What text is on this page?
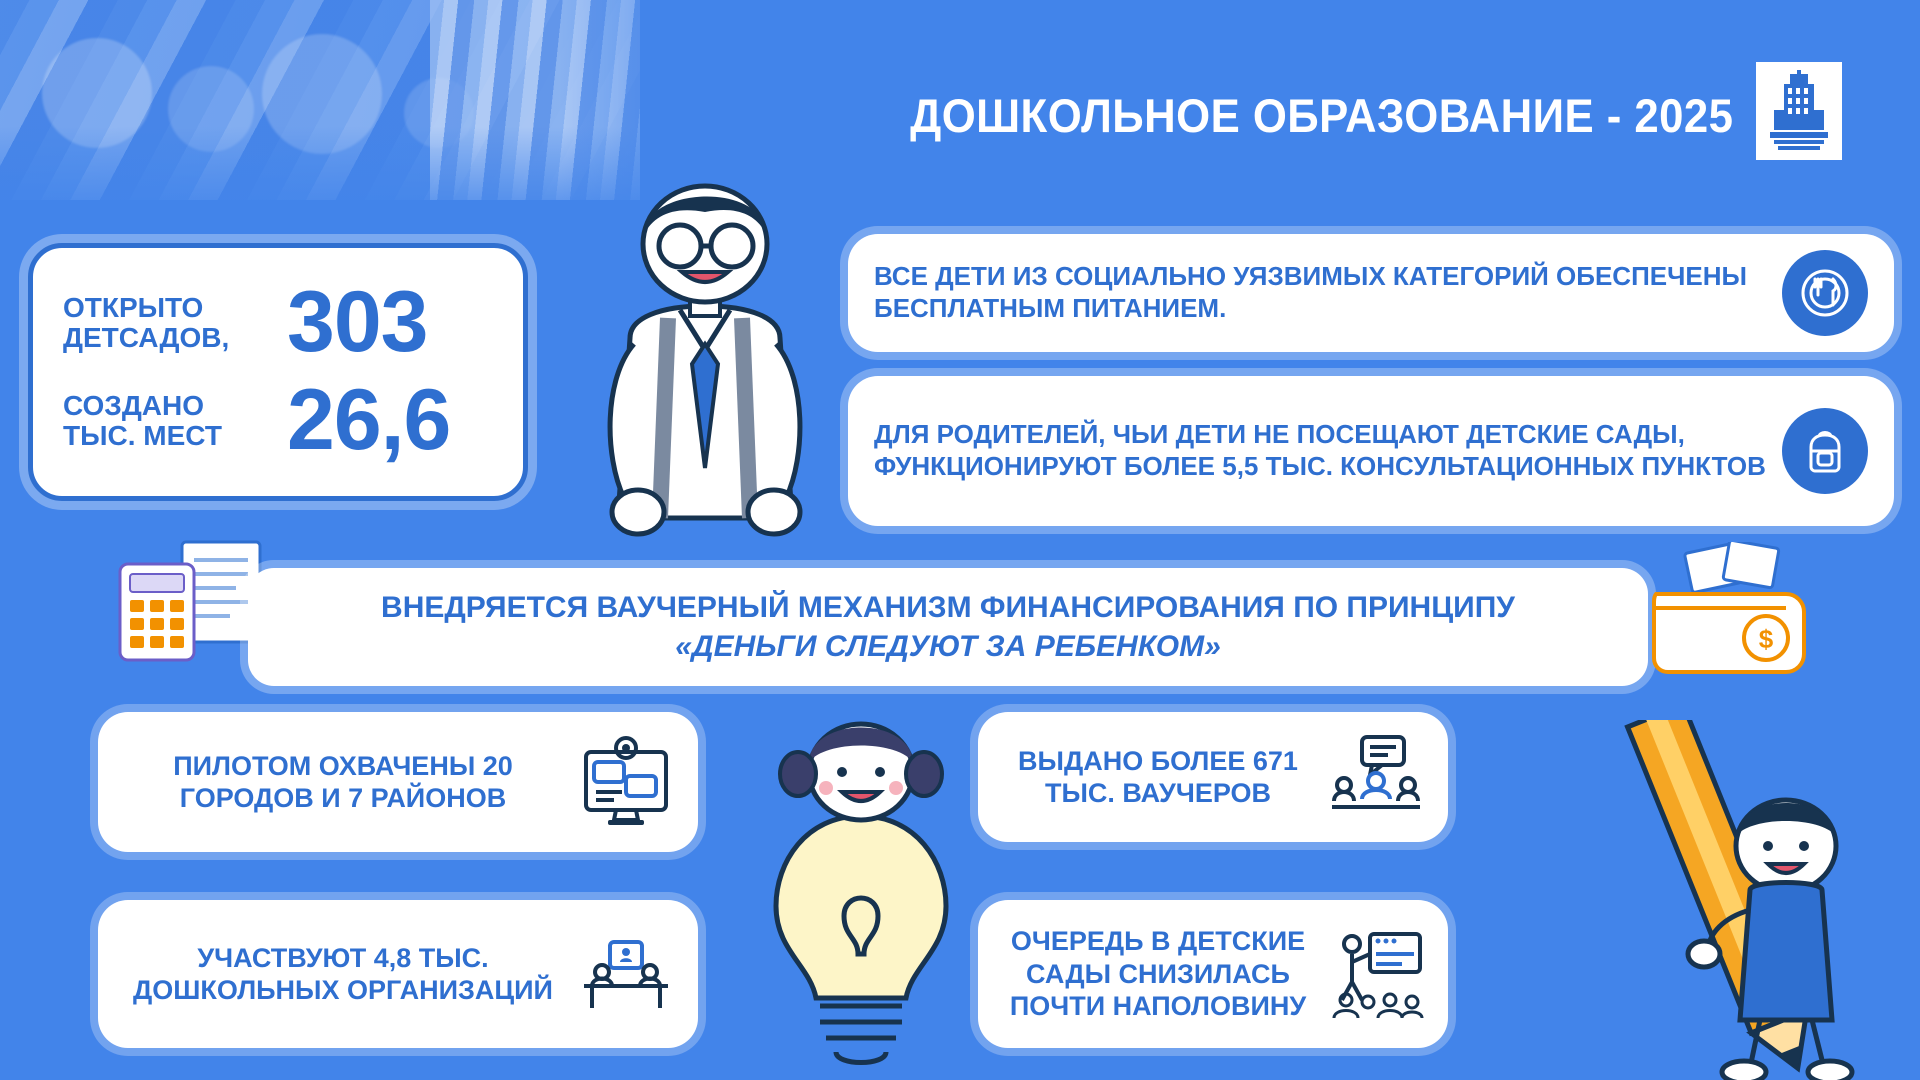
ДОШКОЛЬНОЕ ОБРАЗОВАНИЕ - 2025
ОТКРЫТО ДЕТСАДОВ, 303
СОЗДАНО ТЫС. МЕСТ 26,6
ВСЕ ДЕТИ ИЗ СОЦИАЛЬНО УЯЗВИМЫХ КАТЕГОРИЙ ОБЕСПЕЧЕНЫ БЕСПЛАТНЫМ ПИТАНИЕМ.
ДЛЯ РОДИТЕЛЕЙ, ЧЬИ ДЕТИ НЕ ПОСЕЩАЮТ ДЕТСКИЕ САДЫ, ФУНКЦИОНИРУЮТ БОЛЕЕ 5,5 ТЫС. КОНСУЛЬТАЦИОННЫХ ПУНКТОВ
ВНЕДРЯЕТСЯ ВАУЧЕРНЫЙ МЕХАНИЗМ ФИНАНСИРОВАНИЯ ПО ПРИНЦИПУ
«ДЕНЬГИ СЛЕДУЮТ ЗА РЕБЕНКОМ»	$
ПИЛОТОМ ОХВАЧЕНЫ 20 ГОРОДОВ И 7 РАЙОНОВ
УЧАСТВУЮТ 4,8 ТЫС. ДОШКОЛЬНЫХ ОРГАНИЗАЦИЙ
ВЫДАНО БОЛЕЕ 671 ТЫС. ВАУЧЕРОВ
ОЧЕРЕДЬ В ДЕТСКИЕ САДЫ СНИЗИЛАСЬ ПОЧТИ НАПОЛОВИНУ
